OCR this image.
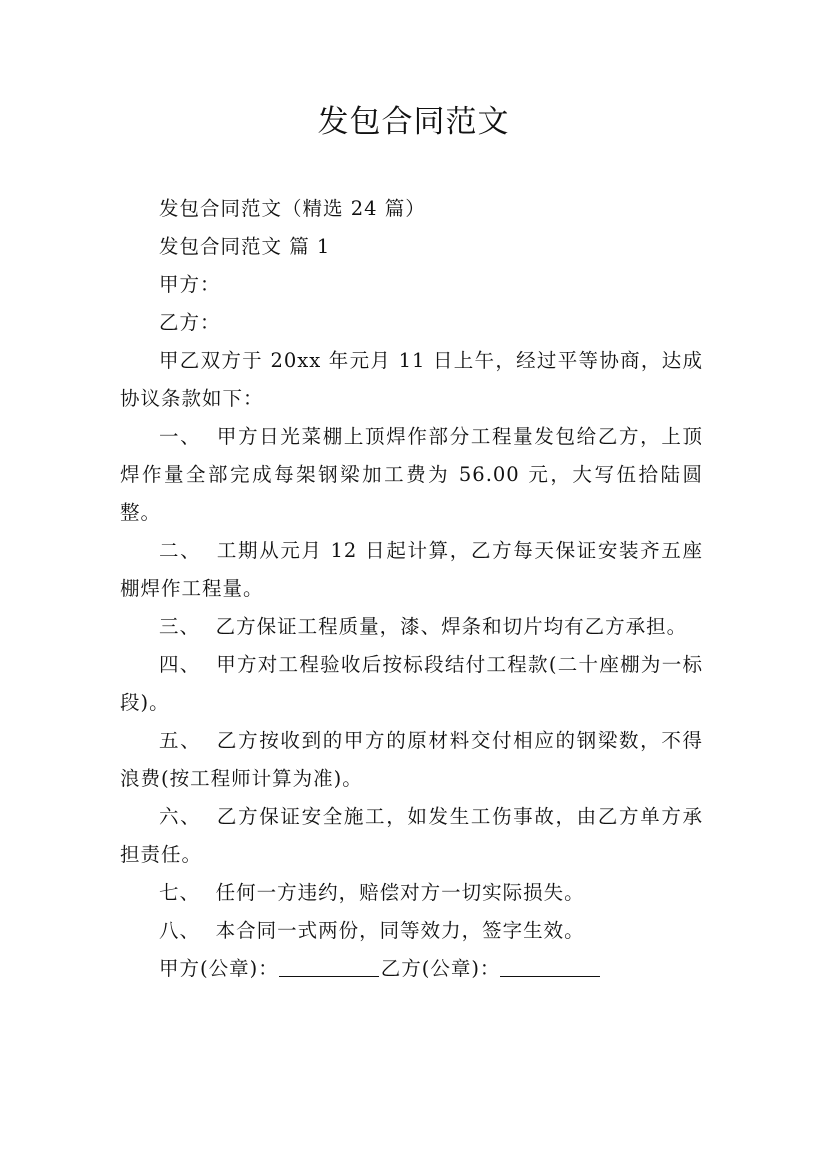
发包合同范文

发包合同范文（精选 24 篇）

发包合同范文 篇 1

甲方：

乙方：

甲乙双方于 20xx 年元月 11 日上午，经过平等协商，达成协议条款如下：

一、 甲方日光菜棚上顶焊作部分工程量发包给乙方，上顶焊作量全部完成每架钢梁加工费为 56.00 元，大写伍拾陆圆整。

二、 工期从元月 12 日起计算，乙方每天保证安装齐五座棚焊作工程量。

三、 乙方保证工程质量，漆、焊条和切片均有乙方承担。

四、 甲方对工程验收后按标段结付工程款(二十座棚为一标段)。

五、 乙方按收到的甲方的原材料交付相应的钢梁数，不得浪费(按工程师计算为准)。

六、 乙方保证安全施工，如发生工伤事故，由乙方单方承担责任。

七、 任何一方违约，赔偿对方一切实际损失。

八、 本合同一式两份，同等效力，签字生效。

甲方(公章)：	乙方(公章)：
